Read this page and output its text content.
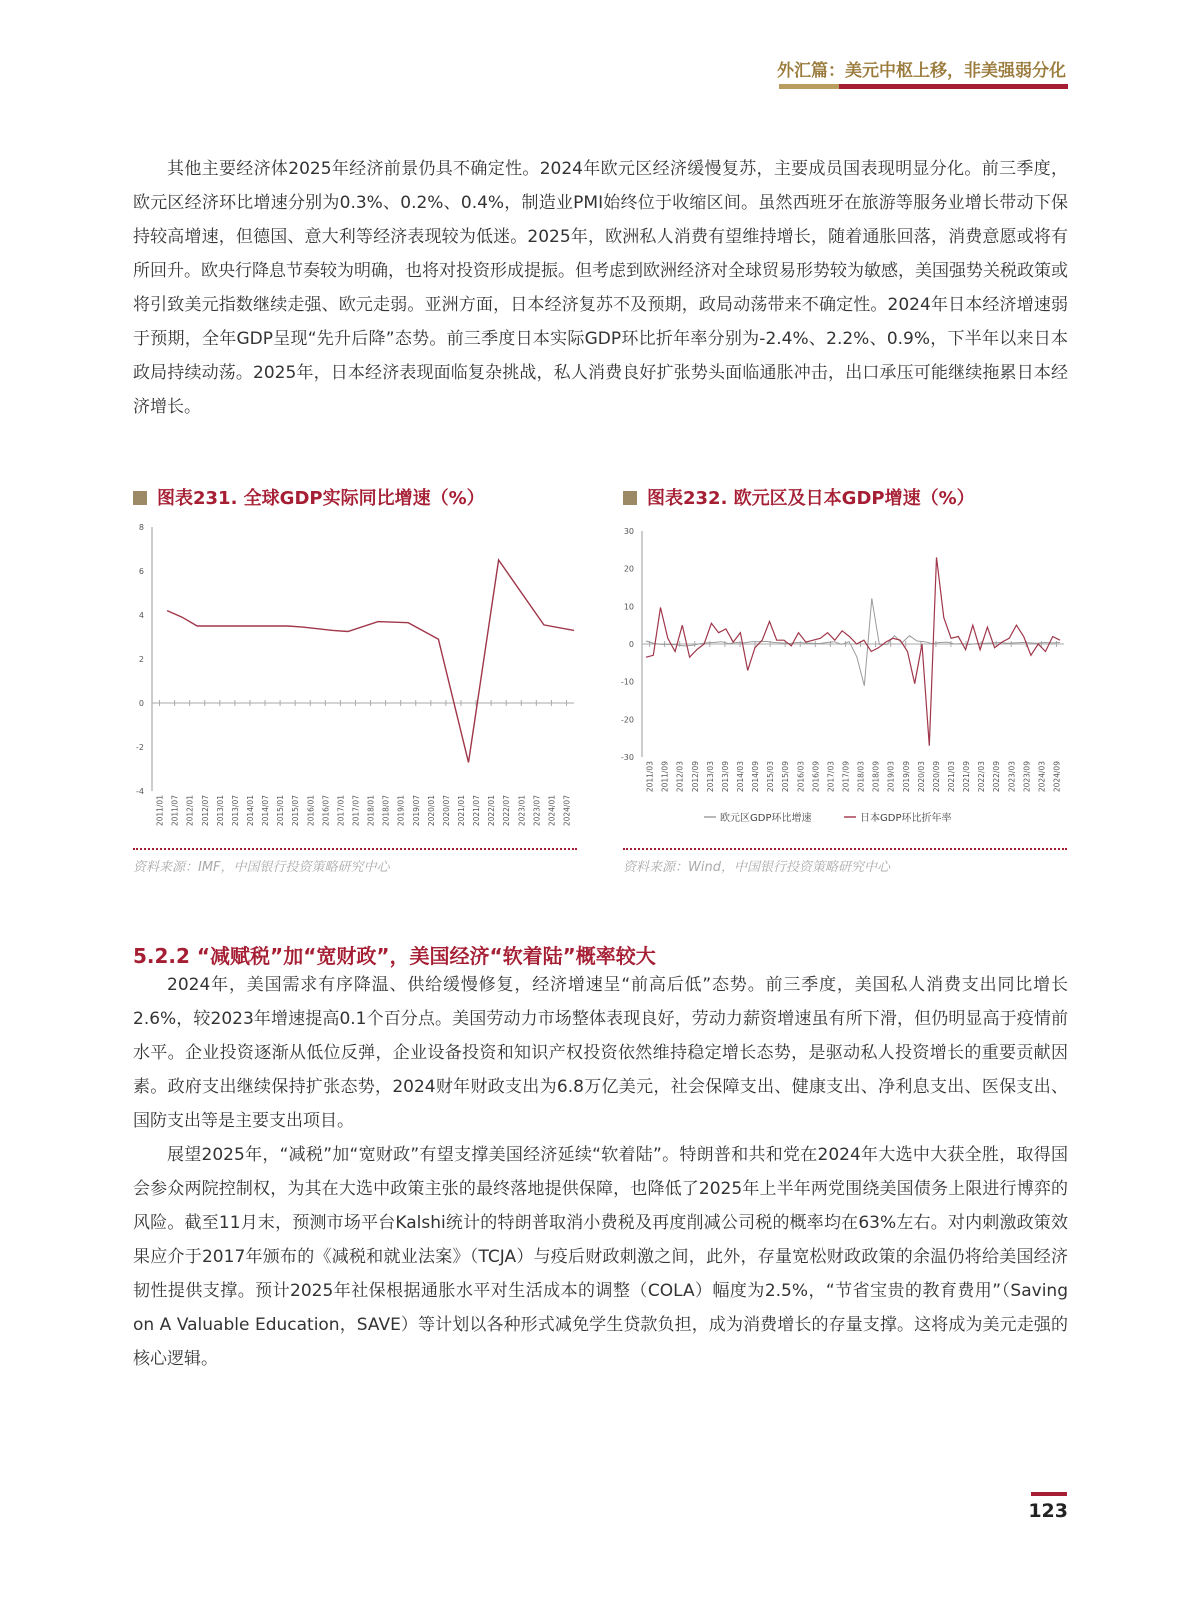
外汇篇：美元中枢上移，非美强弱分化

其他主要经济体2025年经济前景仍具不确定性。2024年欧元区经济缓慢复苏，主要成员国表现明显分化。前三季度，欧元区经济环比增速分别为0.3%、0.2%、0.4%，制造业PMI始终位于收缩区间。虽然西班牙在旅游等服务业增长带动下保持较高增速，但德国、意大利等经济表现较为低迷。2025年，欧洲私人消费有望维持增长，随着通胀回落，消费意愿或将有所回升。欧央行降息节奏较为明确，也将对投资形成提振。但考虑到欧洲经济对全球贸易形势较为敏感，美国强势关税政策或将引致美元指数继续走强、欧元走弱。亚洲方面，日本经济复苏不及预期，政局动荡带来不确定性。2024年日本经济增速弱于预期，全年GDP呈现“先升后降”态势。前三季度日本实际GDP环比折年率分别为-2.4%、2.2%、0.9%，下半年以来日本政局持续动荡。2025年，日本经济表现面临复杂挑战，私人消费良好扩张势头面临通胀冲击，出口承压可能继续拖累日本经济增长。

图表231. 全球GDP实际同比增速（%）
8
6
4
2
0
-2
-4
2011/01 2011/07 2012/01 2012/07 2013/01 2013/07 2014/01 2014/07 2015/01 2015/07 2016/01 2016/07 2017/01 2017/07 2018/01 2018/07 2019/01 2019/07 2020/01 2020/07 2021/01 2021/07 2022/01 2022/07 2023/01 2023/07 2024/01 2024/07
资料来源：IMF，中国银行投资策略研究中心
图表232. 欧元区及日本GDP增速（%）
30
20
10
0
-10
-20
-30
2011/03 2011/09 2012/03 2012/09 2013/03 2013/09 2014/03 2014/09 2015/03 2015/09 2016/03 2016/09 2017/03 2017/09 2018/03 2018/09 2019/03 2019/09 2020/03 2020/09 2021/03 2021/09 2022/03 2022/09 2023/03 2023/09 2024/03 2024/09
欧元区GDP环比增速	日本GDP环比折年率
资料来源：Wind，中国银行投资策略研究中心
5.2.2 “减赋税”加“宽财政”，美国经济“软着陆”概率较大

2024年，美国需求有序降温、供给缓慢修复，经济增速呈“前高后低”态势。前三季度，美国私人消费支出同比增长2.6%，较2023年增速提高0.1个百分点。美国劳动力市场整体表现良好，劳动力薪资增速虽有所下滑，但仍明显高于疫情前水平。企业投资逐渐从低位反弹，企业设备投资和知识产权投资依然维持稳定增长态势，是驱动私人投资增长的重要贡献因素。政府支出继续保持扩张态势，2024财年财政支出为6.8万亿美元，社会保障支出、健康支出、净利息支出、医保支出、国防支出等是主要支出项目。

展望2025年，“减税”加“宽财政”有望支撑美国经济延续“软着陆”。特朗普和共和党在2024年大选中大获全胜，取得国会参众两院控制权，为其在大选中政策主张的最终落地提供保障，也降低了2025年上半年两党围绕美国债务上限进行博弈的风险。截至11月末，预测市场平台Kalshi统计的特朗普取消小费税及再度削减公司税的概率均在63%左右。对内刺激政策效果应介于2017年颁布的《减税和就业法案》（TCJA）与疫后财政刺激之间，此外，存量宽松财政政策的余温仍将给美国经济韧性提供支撑。预计2025年社保根据通胀水平对生活成本的调整（COLA）幅度为2.5%，“节省宝贵的教育费用”（Saving on A Valuable Education，SAVE）等计划以各种形式减免学生贷款负担，成为消费增长的存量支撑。这将成为美元走强的核心逻辑。

123
